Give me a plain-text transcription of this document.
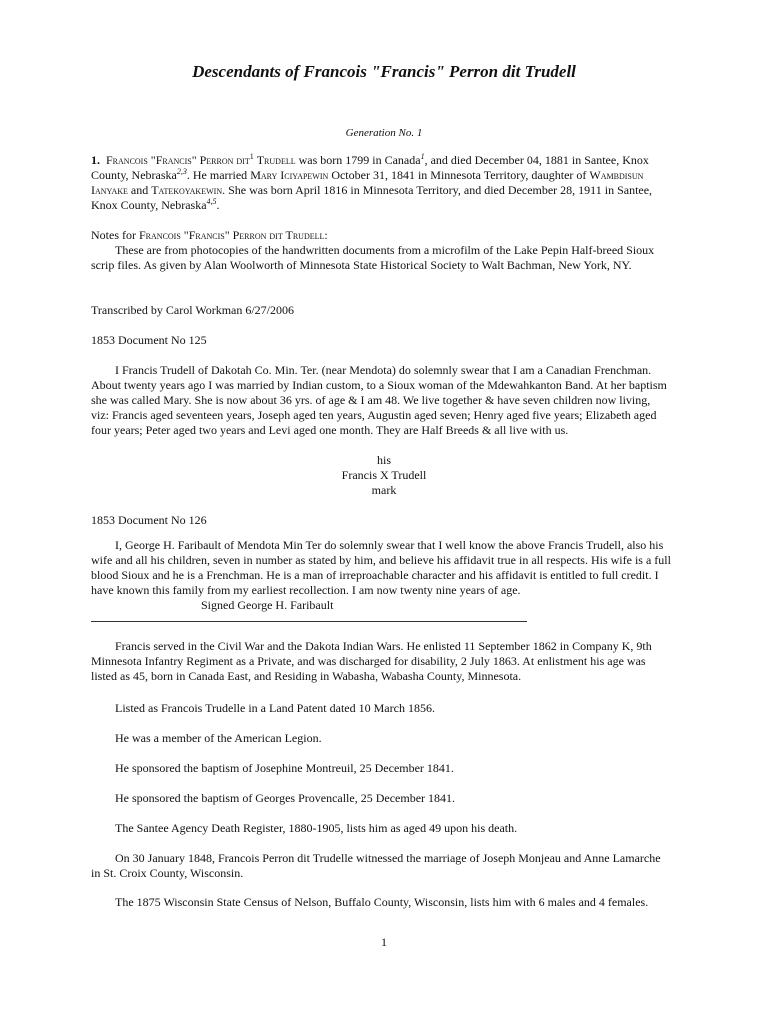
Descendants of Francois "Francis" Perron dit Trudell
Generation No. 1

1. Francois "Francis" Perron dit$^1$ Trudell was born 1799 in Canada$^1$, and died December 04, 1881 in Santee, Knox County, Nebraska$^{2,3}$. He married Mary Iciyapewin October 31, 1841 in Minnesota Territory, daughter of Wambdisun Ianyake and Tatekoyakewin. She was born April 1816 in Minnesota Territory, and died December 28, 1911 in Santee, Knox County, Nebraska$^{4,5}$.

Notes for Francois "Francis" Perron dit Trudell:

These are from photocopies of the handwritten documents from a microfilm of the Lake Pepin Half-breed Sioux scrip files. As given by Alan Woolworth of Minnesota State Historical Society to Walt Bachman, New York, NY.

Transcribed by Carol Workman 6/27/2006

1853 Document No 125

I Francis Trudell of Dakotah Co. Min. Ter. (near Mendota) do solemnly swear that I am a Canadian Frenchman. About twenty years ago I was married by Indian custom, to a Sioux woman of the Mdewahkanton Band. At her baptism she was called Mary. She is now about 36 yrs. of age & I am 48. We live together & have seven children now living, viz: Francis aged seventeen years, Joseph aged ten years, Augustin aged seven; Henry aged five years; Elizabeth aged four years; Peter aged two years and Levi aged one month. They are Half Breeds & all live with us.

his
Francis X Trudell
mark

1853 Document No 126

I, George H. Faribault of Mendota Min Ter do solemnly swear that I well know the above Francis Trudell, also his wife and all his children, seven in number as stated by him, and believe his affidavit true in all respects. His wife is a full blood Sioux and he is a Frenchman. He is a man of irreproachable character and his affidavit is entitled to full credit. I have known this family from my earliest recollection. I am now twenty nine years of age.

Signed George H. Faribault

Francis served in the Civil War and the Dakota Indian Wars. He enlisted 11 September 1862 in Company K, 9th Minnesota Infantry Regiment as a Private, and was discharged for disability, 2 July 1863. At enlistment his age was listed as 45, born in Canada East, and Residing in Wabasha, Wabasha County, Minnesota.

Listed as Francois Trudelle in a Land Patent dated 10 March 1856.

He was a member of the American Legion.

He sponsored the baptism of Josephine Montreuil, 25 December 1841.

He sponsored the baptism of Georges Provencalle, 25 December 1841.

The Santee Agency Death Register, 1880-1905, lists him as aged 49 upon his death.

On 30 January 1848, Francois Perron dit Trudelle witnessed the marriage of Joseph Monjeau and Anne Lamarche in St. Croix County, Wisconsin.

The 1875 Wisconsin State Census of Nelson, Buffalo County, Wisconsin, lists him with 6 males and 4 females.

1
